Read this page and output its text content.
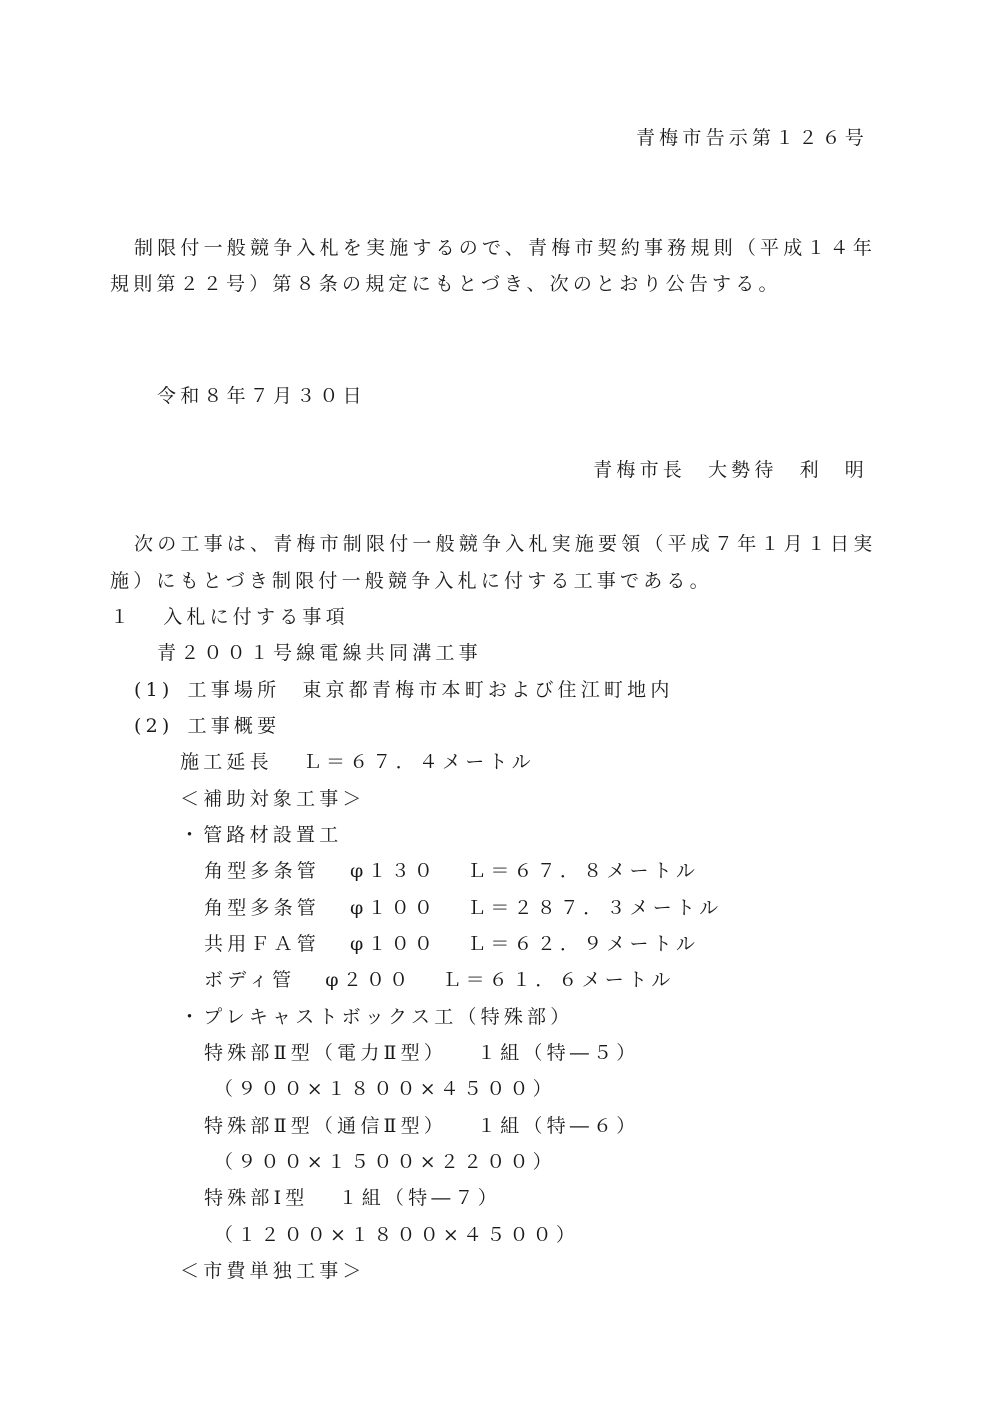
青梅市告示第１２６号
制限付一般競争入札を実施するので、青梅市契約事務規則（平成１４年
規則第２２号）第８条の規定にもとづき、次のとおり公告する。
令和８年７月３０日
青梅市長 大勢待 利 明
次の工事は、青梅市制限付一般競争入札実施要領（平成７年１月１日実
施）にもとづき制限付一般競争入札に付する工事である。
１ 入札に付する事項
青２００１号線電線共同溝工事
(1) 工事場所 東京都青梅市本町および住江町地内
(2) 工事概要
施工延長 Ｌ＝６７．４メートル
＜補助対象工事＞
・管路材設置工
角型多条管 φ１３０ Ｌ＝６７．８メートル
角型多条管 φ１００ Ｌ＝２８７．３メートル
共用ＦＡ管 φ１００ Ｌ＝６２．９メートル
ボディ管 φ２００ Ｌ＝６１．６メートル
・プレキャストボックス工（特殊部）
特殊部Ⅱ型（電力Ⅱ型） １組（特―５）
（９００×１８００×４５００）
特殊部Ⅱ型（通信Ⅱ型） １組（特―６）
（９００×１５００×２２００）
特殊部Ⅰ型 １組（特―７）
（１２００×１８００×４５００）
＜市費単独工事＞
